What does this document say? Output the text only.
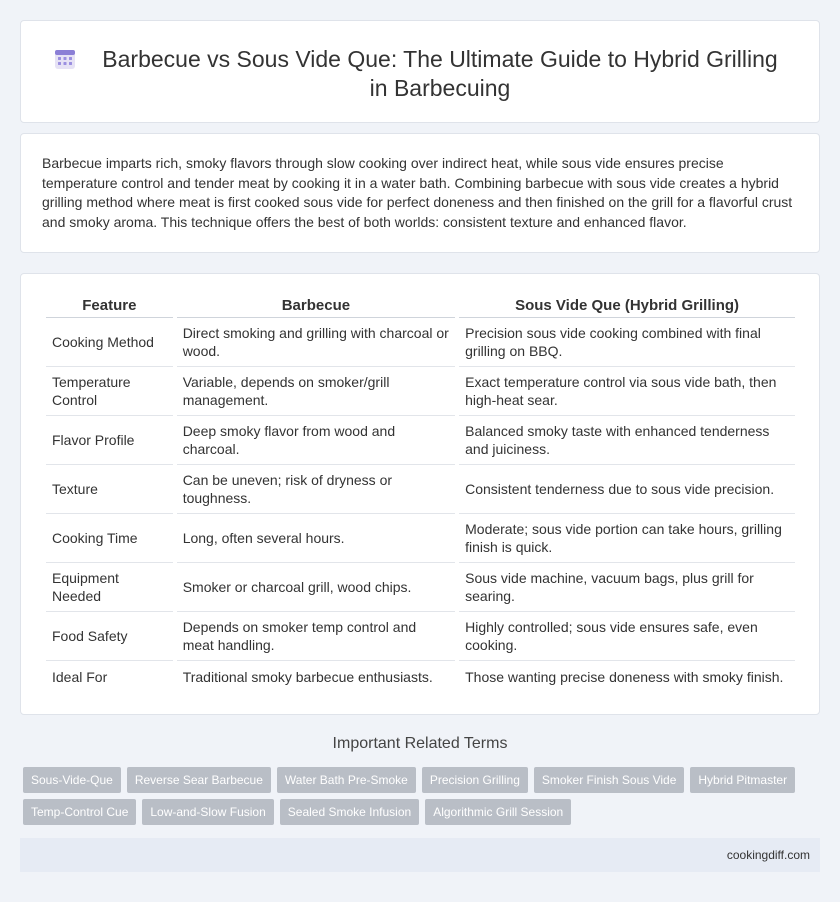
Barbecue vs Sous Vide Que: The Ultimate Guide to Hybrid Grilling in Barbecuing

Barbecue imparts rich, smoky flavors through slow cooking over indirect heat, while sous vide ensures precise temperature control and tender meat by cooking it in a water bath. Combining barbecue with sous vide creates a hybrid grilling method where meat is first cooked sous vide for perfect doneness and then finished on the grill for a flavorful crust and smoky aroma. This technique offers the best of both worlds: consistent texture and enhanced flavor.

Feature	Barbecue	Sous Vide Que (Hybrid Grilling)
Cooking Method	Direct smoking and grilling with charcoal or wood.	Precision sous vide cooking combined with final grilling on BBQ.
Temperature Control	Variable, depends on smoker/grill management.	Exact temperature control via sous vide bath, then high-heat sear.
Flavor Profile	Deep smoky flavor from wood and charcoal.	Balanced smoky taste with enhanced tenderness and juiciness.
Texture	Can be uneven; risk of dryness or toughness.	Consistent tenderness due to sous vide precision.
Cooking Time	Long, often several hours.	Moderate; sous vide portion can take hours, grilling finish is quick.
Equipment Needed	Smoker or charcoal grill, wood chips.	Sous vide machine, vacuum bags, plus grill for searing.
Food Safety	Depends on smoker temp control and meat handling.	Highly controlled; sous vide ensures safe, even cooking.
Ideal For	Traditional smoky barbecue enthusiasts.	Those wanting precise doneness with smoky finish.
Important Related Terms
Sous-Vide-Que	Reverse Sear Barbecue	Water Bath Pre-Smoke	Precision Grilling	Smoker Finish Sous Vide	Hybrid Pitmaster
Temp-Control Cue	Low-and-Slow Fusion	Sealed Smoke Infusion	Algorithmic Grill Session
cookingdiff.com
